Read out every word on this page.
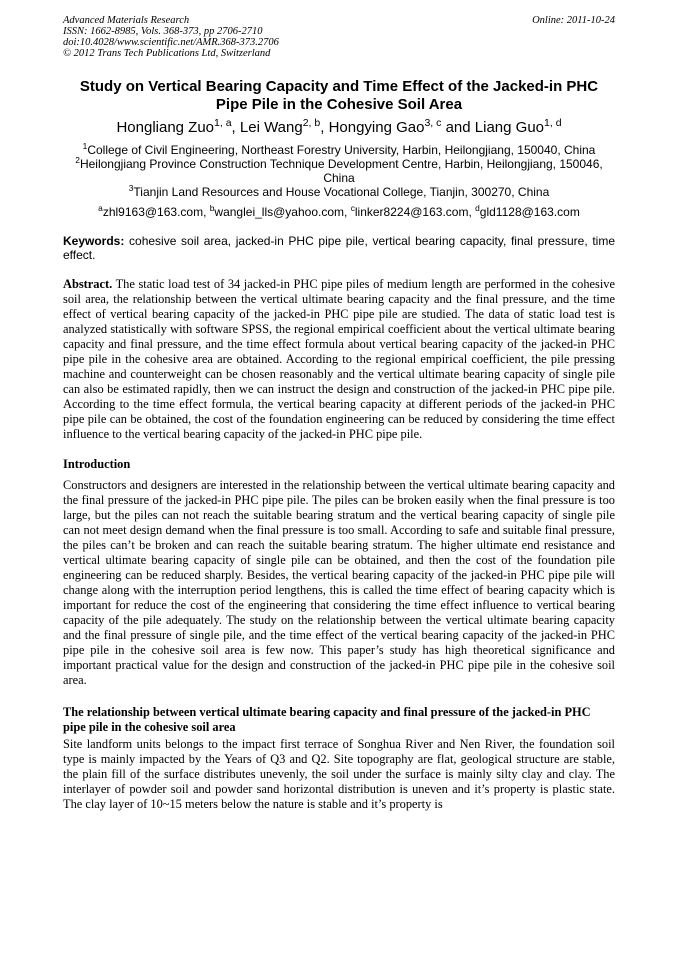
Advanced Materials Research
ISSN: 1662-8985, Vols. 368-373, pp 2706-2710
doi:10.4028/www.scientific.net/AMR.368-373.2706
© 2012 Trans Tech Publications Ltd, Switzerland
Online: 2011-10-24
Study on Vertical Bearing Capacity and Time Effect of the Jacked-in PHC Pipe Pile in the Cohesive Soil Area
Hongliang Zuo$^{1, a}$, Lei Wang$^{2, b}$, Hongying Gao$^{3, c}$ and Liang Guo$^{1, d}$

$^1$College of Civil Engineering, Northeast Forestry University, Harbin, Heilongjiang, 150040, China

$^2$Heilongjiang Province Construction Technique Development Centre, Harbin, Heilongjiang, 150046, China

$^3$Tianjin Land Resources and House Vocational College, Tianjin, 300270, China

$^a$zhl9163@163.com, $^b$wanglei_lls@yahoo.com, $^c$linker8224@163.com, $^d$gld1128@163.com
Keywords: cohesive soil area, jacked-in PHC pipe pile, vertical bearing capacity, final pressure, time effect.

Abstract. The static load test of 34 jacked-in PHC pipe piles of medium length are performed in the cohesive soil area, the relationship between the vertical ultimate bearing capacity and the final pressure, and the time effect of vertical bearing capacity of the jacked-in PHC pipe pile are studied. The data of static load test is analyzed statistically with software SPSS, the regional empirical coefficient about the vertical ultimate bearing capacity and final pressure, and the time effect formula about vertical bearing capacity of the jacked-in PHC pipe pile in the cohesive area are obtained. According to the regional empirical coefficient, the pile pressing machine and counterweight can be chosen reasonably and the vertical ultimate bearing capacity of single pile can also be estimated rapidly, then we can instruct the design and construction of the jacked-in PHC pipe pile. According to the time effect formula, the vertical bearing capacity at different periods of the jacked-in PHC pipe pile can be obtained, the cost of the foundation engineering can be reduced by considering the time effect influence to the vertical bearing capacity of the jacked-in PHC pipe pile.

Introduction

Constructors and designers are interested in the relationship between the vertical ultimate bearing capacity and the final pressure of the jacked-in PHC pipe pile. The piles can be broken easily when the final pressure is too large, but the piles can not reach the suitable bearing stratum and the vertical bearing capacity of single pile can not meet design demand when the final pressure is too small. According to safe and suitable final pressure, the piles can’t be broken and can reach the suitable bearing stratum. The higher ultimate end resistance and vertical ultimate bearing capacity of single pile can be obtained, and then the cost of the foundation pile engineering can be reduced sharply. Besides, the vertical bearing capacity of the jacked-in PHC pipe pile will change along with the interruption period lengthens, this is called the time effect of bearing capacity which is important for reduce the cost of the engineering that considering the time effect influence to vertical bearing capacity of the pile adequately. The study on the relationship between the vertical ultimate bearing capacity and the final pressure of single pile, and the time effect of the vertical bearing capacity of the jacked-in PHC pipe pile in the cohesive soil area is few now. This paper’s study has high theoretical significance and important practical value for the design and construction of the jacked-in PHC pipe pile in the cohesive soil area.

The relationship between vertical ultimate bearing capacity and final pressure of the jacked-in PHC pipe pile in the cohesive soil area

Site landform units belongs to the impact first terrace of Songhua River and Nen River, the foundation soil type is mainly impacted by the Years of Q3 and Q2. Site topography are flat, geological structure are stable, the plain fill of the surface distributes unevenly, the soil under the surface is mainly silty clay and clay. The interlayer of powder soil and powder sand horizontal distribution is uneven and it’s property is plastic state. The clay layer of 10~15 meters below the nature is stable and it’s property is
